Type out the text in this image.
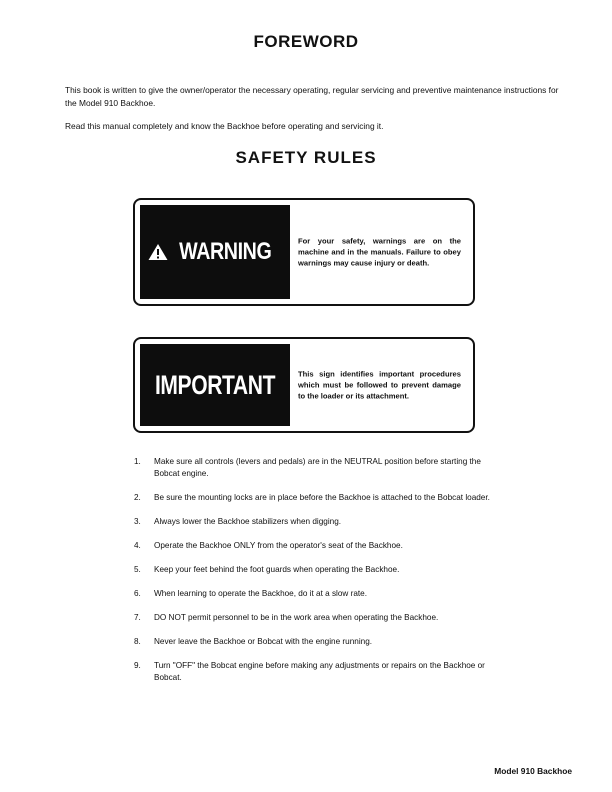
FOREWORD

This book is written to give the owner/operator the necessary operating, regular servicing and preventive maintenance instructions for the Model 910 Backhoe.

Read this manual completely and know the Backhoe before operating and servicing it.

SAFETY RULES
WARNING	For your safety, warnings are on the machine and in the manuals. Failure to obey warnings may cause injury or death.

IMPORTANT	This sign identifies important procedures which must be followed to prevent damage to the loader or its attachment.

1. Make sure all controls (levers and pedals) are in the NEUTRAL position before starting the Bobcat engine.
2. Be sure the mounting locks are in place before the Backhoe is attached to the Bobcat loader.
3. Always lower the Backhoe stabilizers when digging.
4. Operate the Backhoe ONLY from the operator's seat of the Backhoe.
5. Keep your feet behind the foot guards when operating the Backhoe.
6. When learning to operate the Backhoe, do it at a slow rate.
7. DO NOT permit personnel to be in the work area when operating the Backhoe.
8. Never leave the Backhoe or Bobcat with the engine running.
9. Turn "OFF" the Bobcat engine before making any adjustments or repairs on the Backhoe or Bobcat.

Model 910 Backhoe
